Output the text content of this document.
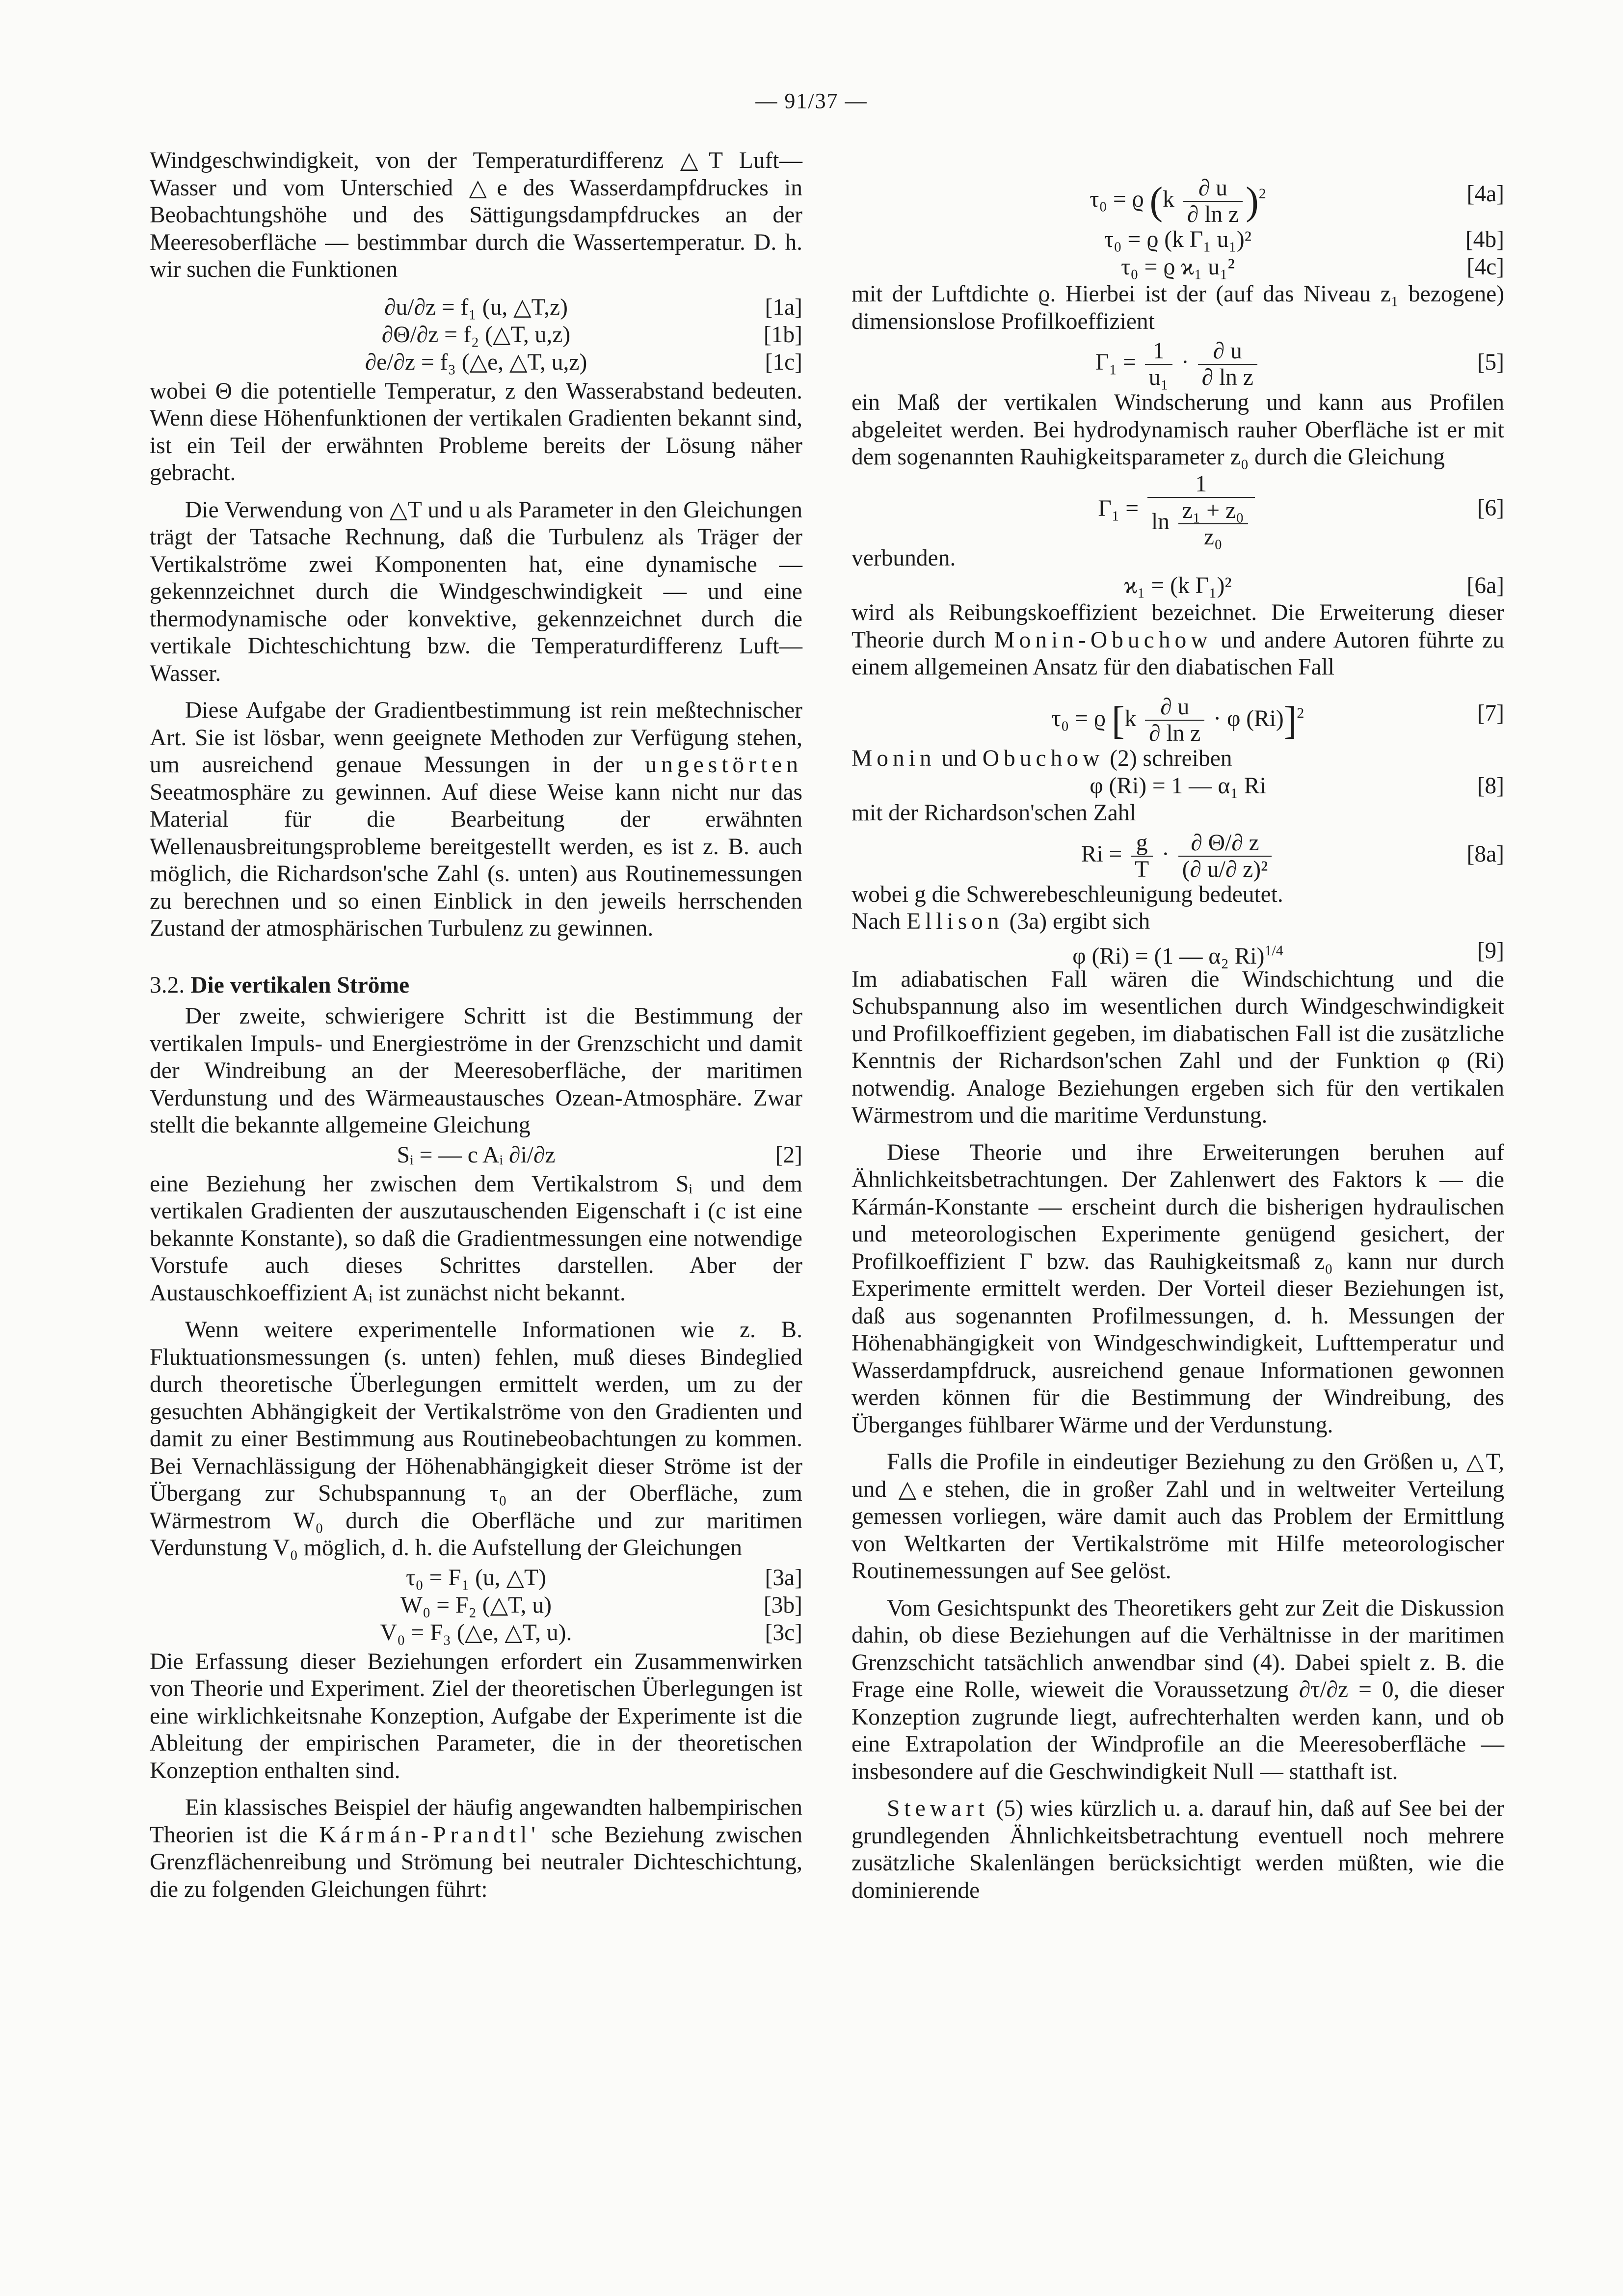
— 91/37 —

Windgeschwindigkeit, von der Temperaturdifferenz △T Luft—Wasser und vom Unterschied △e des Wasserdampfdruckes in Beobachtungshöhe und des Sättigungsdampfdruckes an der Meeresoberfläche — bestimmbar durch die Wassertemperatur. D. h. wir suchen die Funktionen

∂u/∂z = f₁ (u, △T,z)	[1a]
∂Θ/∂z = f₂ (△T, u,z)	[1b]
∂e/∂z = f₃ (△e, △T, u,z)	[1c]

wobei Θ die potentielle Temperatur, z den Wasserabstand bedeuten. Wenn diese Höhenfunktionen der vertikalen Gradienten bekannt sind, ist ein Teil der erwähnten Probleme bereits der Lösung näher gebracht.

Die Verwendung von △T und u als Parameter in den Gleichungen trägt der Tatsache Rechnung, daß die Turbulenz als Träger der Vertikalströme zwei Komponenten hat, eine dynamische — gekennzeichnet durch die Windgeschwindigkeit — und eine thermodynamische oder konvektive, gekennzeichnet durch die vertikale Dichteschichtung bzw. die Temperaturdifferenz Luft—Wasser.

Diese Aufgabe der Gradientbestimmung ist rein meßtechnischer Art. Sie ist lösbar, wenn geeignete Methoden zur Verfügung stehen, um ausreichend genaue Messungen in der ungestörten Seeatmosphäre zu gewinnen. Auf diese Weise kann nicht nur das Material für die Bearbeitung der erwähnten Wellenausbreitungsprobleme bereitgestellt werden, es ist z. B. auch möglich, die Richardson'sche Zahl (s. unten) aus Routinemessungen zu berechnen und so einen Einblick in den jeweils herrschenden Zustand der atmosphärischen Turbulenz zu gewinnen.

3.2. Die vertikalen Ströme

Der zweite, schwierigere Schritt ist die Bestimmung der vertikalen Impuls- und Energieströme in der Grenzschicht und damit der Windreibung an der Meeresoberfläche, der maritimen Verdunstung und des Wärmeaustausches Ozean-Atmosphäre. Zwar stellt die bekannte allgemeine Gleichung

Sᵢ = — c Aᵢ ∂i/∂z	[2]

eine Beziehung her zwischen dem Vertikalstrom Sᵢ und dem vertikalen Gradienten der auszutauschenden Eigenschaft i (c ist eine bekannte Konstante), so daß die Gradientmessungen eine notwendige Vorstufe auch dieses Schrittes darstellen. Aber der Austauschkoeffizient Aᵢ ist zunächst nicht bekannt.

Wenn weitere experimentelle Informationen wie z. B. Fluktuationsmessungen (s. unten) fehlen, muß dieses Bindeglied durch theoretische Überlegungen ermittelt werden, um zu der gesuchten Abhängigkeit der Vertikalströme von den Gradienten und damit zu einer Bestimmung aus Routinebeobachtungen zu kommen. Bei Vernachlässigung der Höhenabhängigkeit dieser Ströme ist der Übergang zur Schubspannung τ₀ an der Oberfläche, zum Wärmestrom W₀ durch die Oberfläche und zur maritimen Verdunstung V₀ möglich, d. h. die Aufstellung der Gleichungen

τ₀ = F₁ (u, △T)	[3a]
W₀ = F₂ (△T, u)	[3b]
V₀ = F₃ (△e, △T, u).	[3c]

Die Erfassung dieser Beziehungen erfordert ein Zusammenwirken von Theorie und Experiment. Ziel der theoretischen Überlegungen ist eine wirklichkeitsnahe Konzeption, Aufgabe der Experimente ist die Ableitung der empirischen Parameter, die in der theoretischen Konzeption enthalten sind.

Ein klassisches Beispiel der häufig angewandten halbempirischen Theorien ist die Kármán-Prandtl' sche Beziehung zwischen Grenzflächenreibung und Strömung bei neutraler Dichteschichtung, die zu folgenden Gleichungen führt:

τ₀ = ϱ $(k \frac{\partial u}{\text{∂ ln z}} )^2$	[4a]
τ₀ = ϱ (k Γ₁ u₁)²	[4b]
τ₀ = ϱ ϰ₁ u₁²	[4c]

mit der Luftdichte ϱ. Hierbei ist der (auf das Niveau z₁ bezogene) dimensionslose Profilkoeffizient

$\Gamma_1 = \frac{1}{\text{u₁}} \cdot \frac{\partial u}{\text{∂ ln z}}$	[5]

ein Maß der vertikalen Windscherung und kann aus Profilen abgeleitet werden. Bei hydrodynamisch rauher Oberfläche ist er mit dem sogenannten Rauhigkeitsparameter z₀ durch die Gleichung

$\Gamma_1 = \frac{1}{\ln \frac{\text{z₁ + z₀}}{\text{z₀}}}$	[6]

verbunden.

ϰ₁ = (k Γ₁)²	[6a]

wird als Reibungskoeffizient bezeichnet. Die Erweiterung dieser Theorie durch Monin-Obuchow und andere Autoren führte zu einem allgemeinen Ansatz für den diabatischen Fall

τ₀ = ϱ [$k \frac{\partial u}{\text{∂ ln z}} \cdot \varphi$ (Ri)]$^2$	[7]

Monin und Obuchow (2) schreiben

φ (Ri) = 1 — α₁ Ri	[8]

mit der Richardson'schen Zahl

$Ri = \frac{g}{T} \cdot \frac{\partial \Theta/\partial z}{\text{(∂ u/∂ z)²}}$	[8a]

wobei g die Schwerebeschleunigung bedeutet.

Nach Ellison (3a) ergibt sich

φ (Ri) = (1 — α₂ Ri)$^{1/4}$	[9]

Im adiabatischen Fall wären die Windschichtung und die Schubspannung also im wesentlichen durch Windgeschwindigkeit und Profilkoeffizient gegeben, im diabatischen Fall ist die zusätzliche Kenntnis der Richardson'schen Zahl und der Funktion φ (Ri) notwendig. Analoge Beziehungen ergeben sich für den vertikalen Wärmestrom und die maritime Verdunstung.

Diese Theorie und ihre Erweiterungen beruhen auf Ähnlichkeitsbetrachtungen. Der Zahlenwert des Faktors k — die Kármán-Konstante — erscheint durch die bisherigen hydraulischen und meteorologischen Experimente genügend gesichert, der Profilkoeffizient Γ bzw. das Rauhigkeitsmaß z₀ kann nur durch Experimente ermittelt werden. Der Vorteil dieser Beziehungen ist, daß aus sogenannten Profilmessungen, d. h. Messungen der Höhenabhängigkeit von Windgeschwindigkeit, Lufttemperatur und Wasserdampfdruck, ausreichend genaue Informationen gewonnen werden können für die Bestimmung der Windreibung, des Überganges fühlbarer Wärme und der Verdunstung.

Falls die Profile in eindeutiger Beziehung zu den Größen u, △T, und △e stehen, die in großer Zahl und in weltweiter Verteilung gemessen vorliegen, wäre damit auch das Problem der Ermittlung von Weltkarten der Vertikalströme mit Hilfe meteorologischer Routinemessungen auf See gelöst.

Vom Gesichtspunkt des Theoretikers geht zur Zeit die Diskussion dahin, ob diese Beziehungen auf die Verhältnisse in der maritimen Grenzschicht tatsächlich anwendbar sind (4). Dabei spielt z. B. die Frage eine Rolle, wieweit die Voraussetzung ∂τ/∂z = 0, die dieser Konzeption zugrunde liegt, aufrechterhalten werden kann, und ob eine Extrapolation der Windprofile an die Meeresoberfläche — insbesondere auf die Geschwindigkeit Null — statthaft ist.

Stewart (5) wies kürzlich u. a. darauf hin, daß auf See bei der grundlegenden Ähnlichkeitsbetrachtung eventuell noch mehrere zusätzliche Skalenlängen berücksichtigt werden müßten, wie die dominierende
